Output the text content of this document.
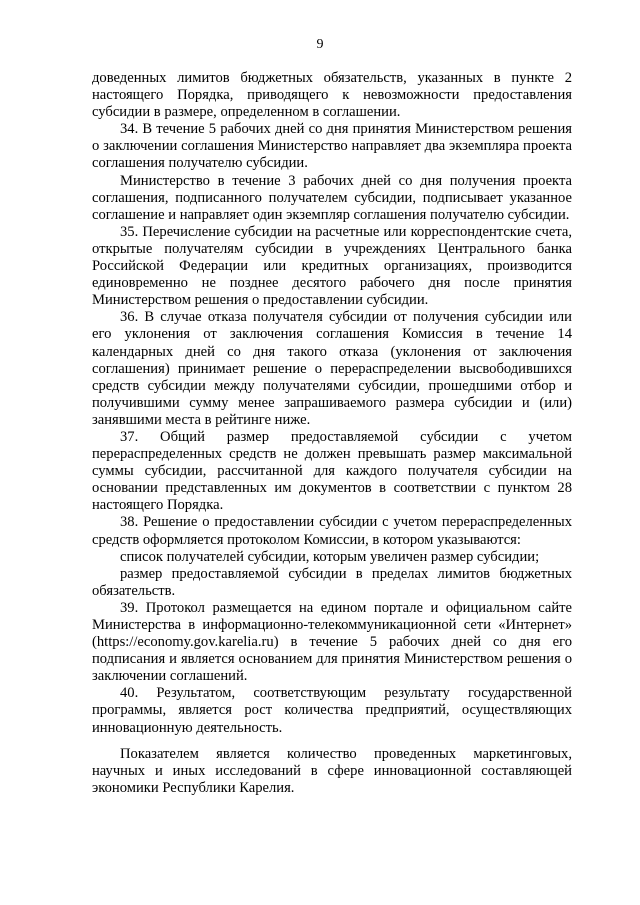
9

доведенных лимитов бюджетных обязательств, указанных в пункте 2 настоящего Порядка, приводящего к невозможности предоставления субсидии в размере, определенном в соглашении.

34. В течение 5 рабочих дней со дня принятия Министерством решения о заключении соглашения Министерство направляет два экземпляра проекта соглашения получателю субсидии.

Министерство в течение 3 рабочих дней со дня получения проекта соглашения, подписанного получателем субсидии, подписывает указанное соглашение и направляет один экземпляр соглашения получателю субсидии.

35. Перечисление субсидии на расчетные или корреспондентские счета, открытые получателям субсидии в учреждениях Центрального банка Российской Федерации или кредитных организациях, производится единовременно не позднее десятого рабочего дня после принятия Министерством решения о предоставлении субсидии.

36. В случае отказа получателя субсидии от получения субсидии или его уклонения от заключения соглашения Комиссия в течение 14 календарных дней со дня такого отказа (уклонения от заключения соглашения) принимает решение о перераспределении высвободившихся средств субсидии между получателями субсидии, прошедшими отбор и получившими сумму менее запрашиваемого размера субсидии и (или) занявшими места в рейтинге ниже.

37. Общий размер предоставляемой субсидии с учетом перераспределенных средств не должен превышать размер максимальной суммы субсидии, рассчитанной для каждого получателя субсидии на основании представленных им документов в соответствии с пунктом 28 настоящего Порядка.

38. Решение о предоставлении субсидии с учетом перераспределенных средств оформляется протоколом Комиссии, в котором указываются:

список получателей субсидии, которым увеличен размер субсидии;

размер предоставляемой субсидии в пределах лимитов бюджетных обязательств.

39. Протокол размещается на едином портале и официальном сайте Министерства в информационно-телекоммуникационной сети «Интернет» (https://economy.gov.karelia.ru) в течение 5 рабочих дней со дня его подписания и является основанием для принятия Министерством решения о заключении соглашений.

40. Результатом, соответствующим результату государственной программы, является рост количества предприятий, осуществляющих инновационную деятельность.

Показателем является количество проведенных маркетинговых, научных и иных исследований в сфере инновационной составляющей экономики Республики Карелия.
